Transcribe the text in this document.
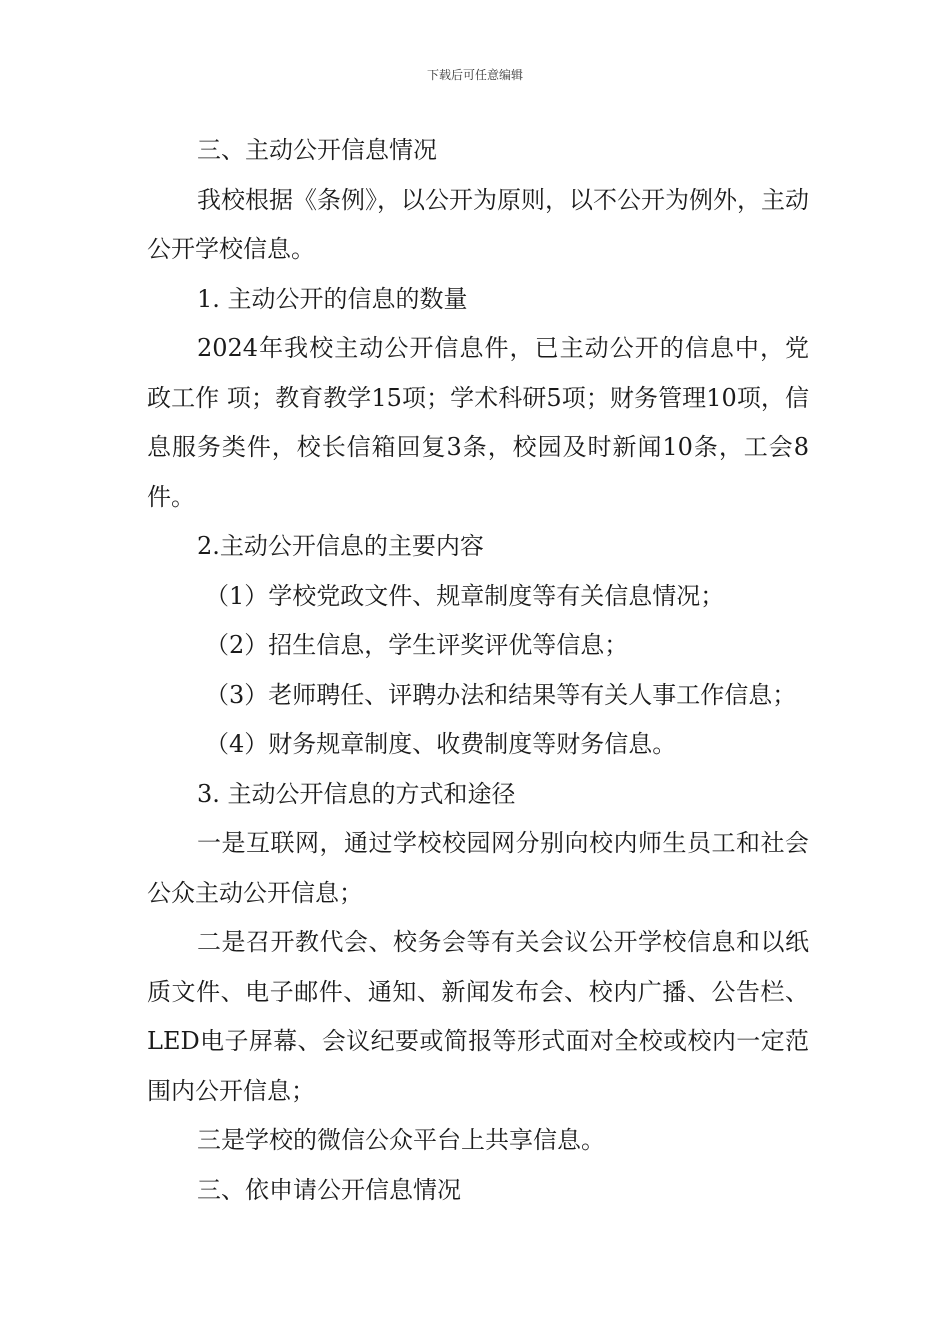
下载后可任意编辑

三、主动公开信息情况

我校根据《条例》，以公开为原则，以不公开为例外，主动公开学校信息。

1. 主动公开的信息的数量

2024年我校主动公开信息件，已主动公开的信息中，党政工作 项；教育教学15项；学术科研5项；财务管理10项，信息服务类件，校长信箱回复3条，校园及时新闻10条，工会8件。

2.主动公开信息的主要内容

（1）学校党政文件、规章制度等有关信息情况；

（2）招生信息，学生评奖评优等信息；

（3）老师聘任、评聘办法和结果等有关人事工作信息；

（4）财务规章制度、收费制度等财务信息。

3. 主动公开信息的方式和途径

一是互联网，通过学校校园网分别向校内师生员工和社会公众主动公开信息；

二是召开教代会、校务会等有关会议公开学校信息和以纸质文件、电子邮件、通知、新闻发布会、校内广播、公告栏、LED电子屏幕、会议纪要或简报等形式面对全校或校内一定范围内公开信息；

三是学校的微信公众平台上共享信息。

三、依申请公开信息情况
